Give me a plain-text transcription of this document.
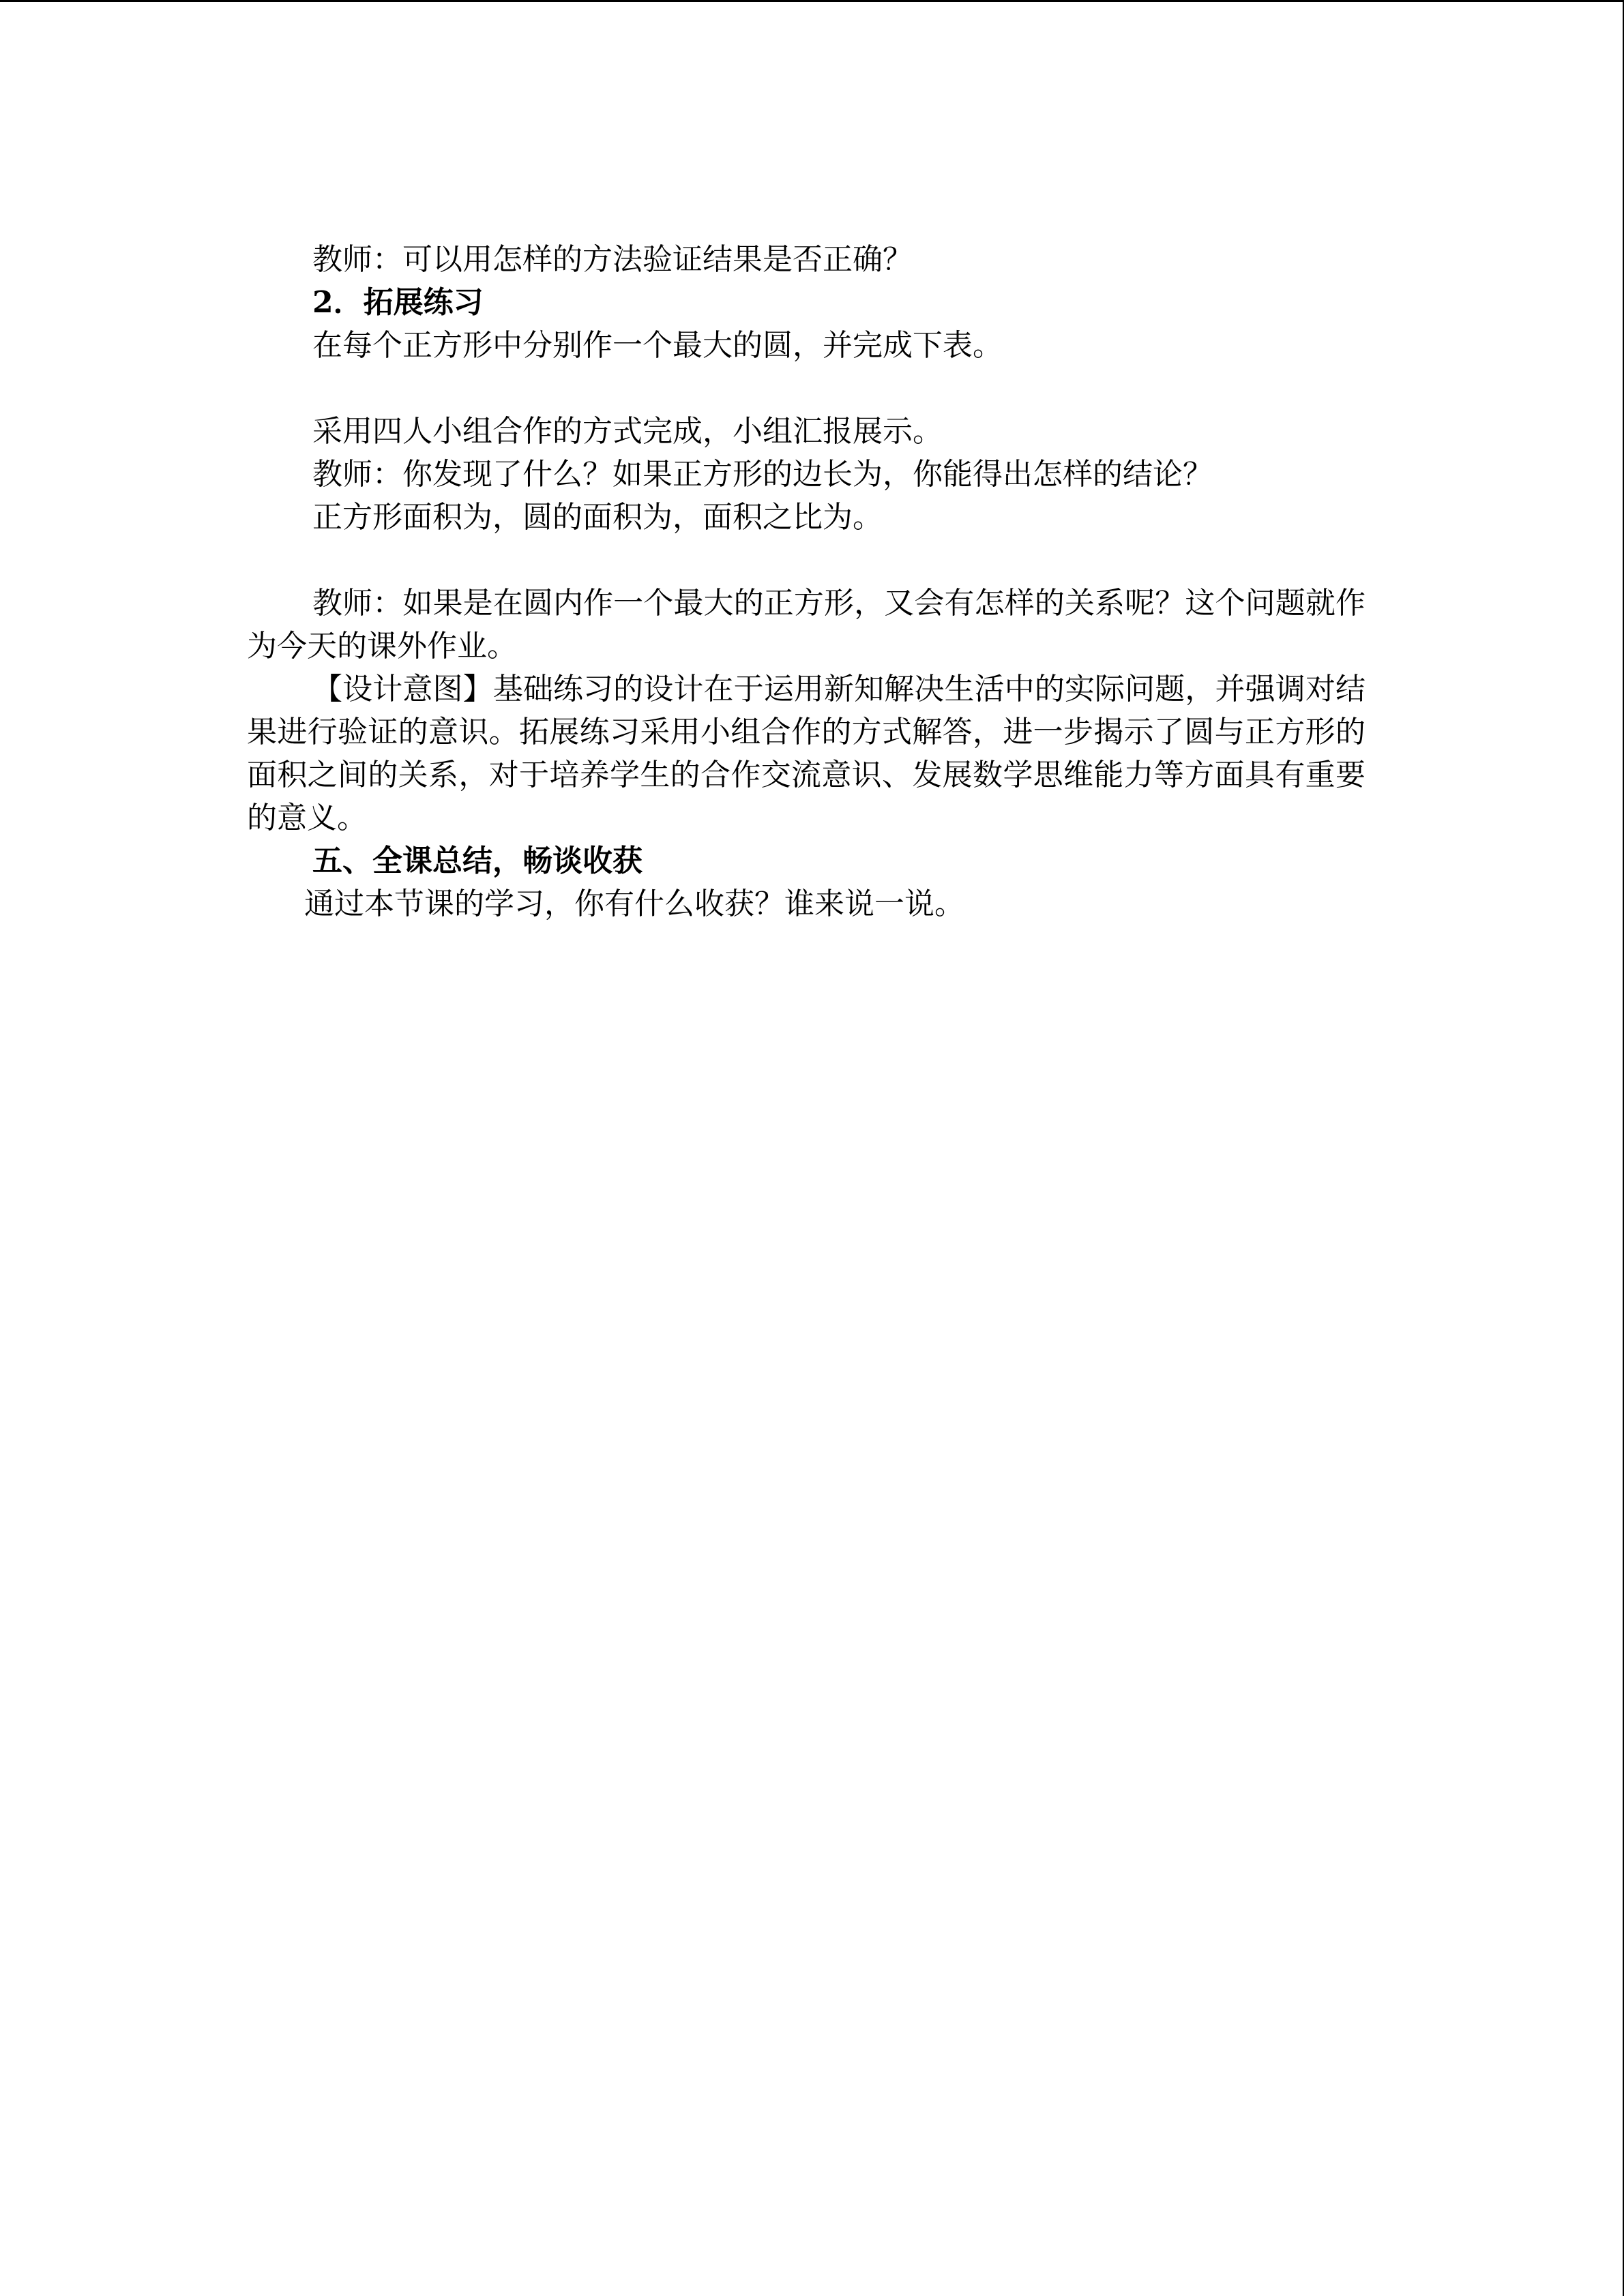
教师：可以用怎样的方法验证结果是否正确？

2．拓展练习

在每个正方形中分别作一个最大的圆，并完成下表。

采用四人小组合作的方式完成，小组汇报展示。

教师：你发现了什么？如果正方形的边长为，你能得出怎样的结论？

正方形面积为，圆的面积为，面积之比为。

教师：如果是在圆内作一个最大的正方形，又会有怎样的关系呢？这个问题就作为今天的课外作业。

【设计意图】基础练习的设计在于运用新知解决生活中的实际问题，并强调对结果进行验证的意识。拓展练习采用小组合作的方式解答，进一步揭示了圆与正方形的面积之间的关系，对于培养学生的合作交流意识、发展数学思维能力等方面具有重要的意义。

五、全课总结，畅谈收获

通过本节课的学习，你有什么收获？谁来说一说。
